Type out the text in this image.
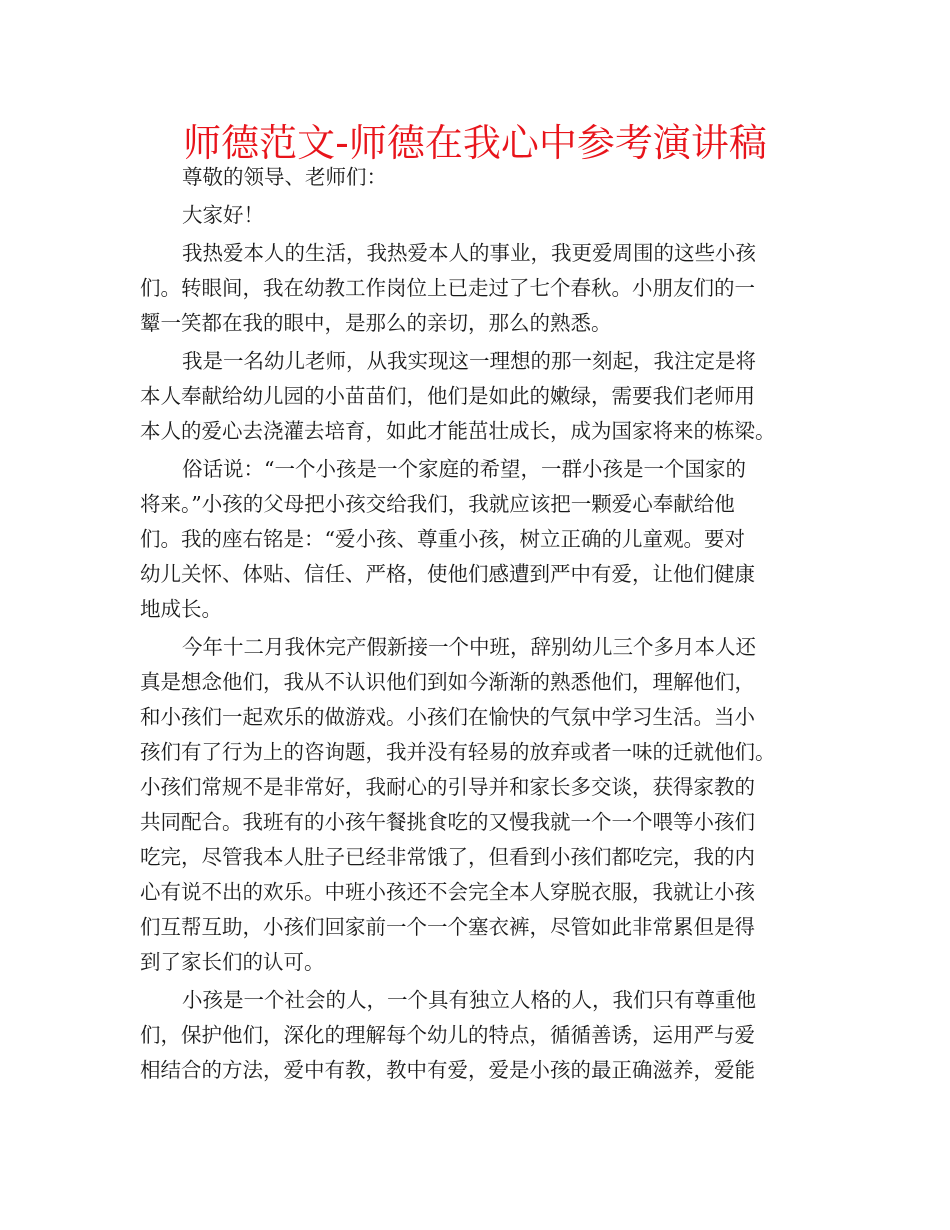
师德范文-师德在我心中参考演讲稿
尊敬的领导、老师们：
大家好！
我热爱本人的生活，我热爱本人的事业，我更爱周围的这些小孩
们。转眼间，我在幼教工作岗位上已走过了七个春秋。小朋友们的一
颦一笑都在我的眼中，是那么的亲切，那么的熟悉。
我是一名幼儿老师，从我实现这一理想的那一刻起，我注定是将
本人奉献给幼儿园的小苗苗们，他们是如此的嫩绿，需要我们老师用
本人的爱心去浇灌去培育，如此才能茁壮成长，成为国家将来的栋梁。
俗话说：“一个小孩是一个家庭的希望，一群小孩是一个国家的
将来。”小孩的父母把小孩交给我们，我就应该把一颗爱心奉献给他
们。我的座右铭是：“爱小孩、尊重小孩，树立正确的儿童观。要对
幼儿关怀、体贴、信任、严格，使他们感遭到严中有爱，让他们健康
地成长。
今年十二月我休完产假新接一个中班，辞别幼儿三个多月本人还
真是想念他们，我从不认识他们到如今渐渐的熟悉他们，理解他们，
和小孩们一起欢乐的做游戏。小孩们在愉快的气氛中学习生活。当小
孩们有了行为上的咨询题，我并没有轻易的放弃或者一味的迁就他们。
小孩们常规不是非常好，我耐心的引导并和家长多交谈，获得家教的
共同配合。我班有的小孩午餐挑食吃的又慢我就一个一个喂等小孩们
吃完，尽管我本人肚子已经非常饿了，但看到小孩们都吃完，我的内
心有说不出的欢乐。中班小孩还不会完全本人穿脱衣服，我就让小孩
们互帮互助，小孩们回家前一个一个塞衣裤，尽管如此非常累但是得
到了家长们的认可。
小孩是一个社会的人，一个具有独立人格的人，我们只有尊重他
们，保护他们，深化的理解每个幼儿的特点，循循善诱，运用严与爱
相结合的方法，爱中有教，教中有爱，爱是小孩的最正确滋养，爱能
